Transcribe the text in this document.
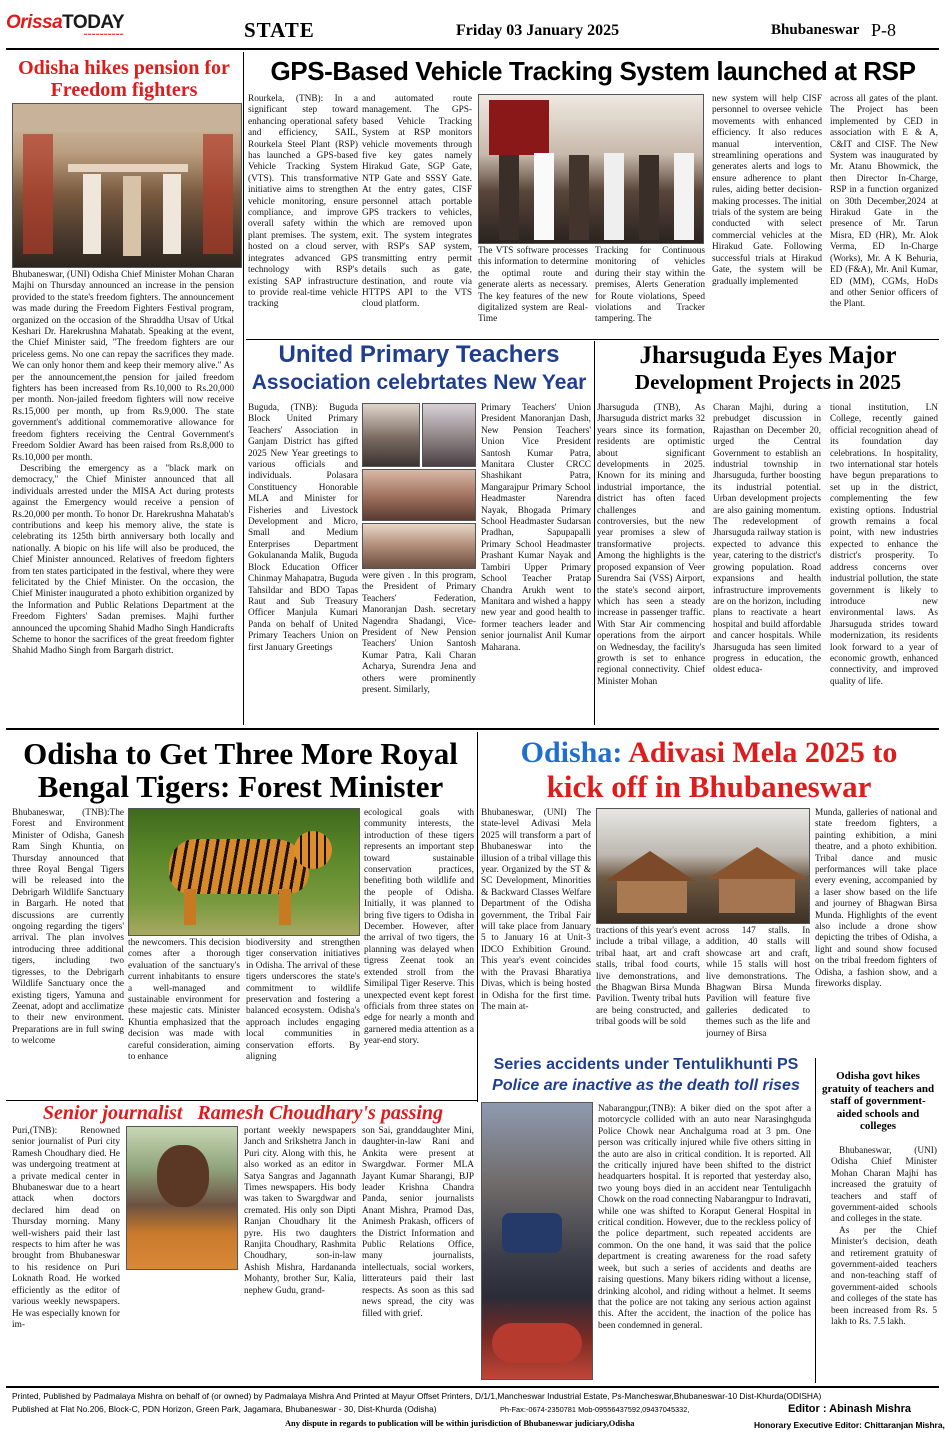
OrissaTODAY
━━━━━━━━━━	STATE	Friday 03 January 2025	Bhubaneswar P-8
Odisha hikes pension for Freedom fighters

Bhubaneswar, (UNI) Odisha Chief Minister Mohan Charan Majhi on Thursday announced an increase in the pension provided to the state's freedom fighters. The announcement was made during the Freedom Fighters Festival program, organized on the occasion of the Shraddha Utsav of Utkal Keshari Dr. Harekrushna Mahatab. Speaking at the event, the Chief Minister said, "The freedom fighters are our priceless gems. No one can repay the sacrifices they made. We can only honor them and keep their memory alive." As per the announcement,the pension for jailed freedom fighters has been increased from Rs.10,000 to Rs.20,000 per month. Non-jailed freedom fighters will now receive Rs.15,000 per month, up from Rs.9,000. The state government's additional commemorative allowance for freedom fighters receiving the Central Government's Freedom Soldier Award has been raised from Rs.8,000 to Rs.10,000 per month.

Describing the emergency as a "black mark on democracy," the Chief Minister announced that all individuals arrested under the MISA Act during protests against the Emergency would receive a pension of Rs.20,000 per month. To honor Dr. Harekrushna Mahatab's contributions and keep his memory alive, the state is celebrating its 125th birth anniversary both locally and nationally. A biopic on his life will also be produced, the Chief Minister announced. Relatives of freedom fighters from ten states participated in the festival, where they were felicitated by the Chief Minister. On the occasion, the Chief Minister inaugurated a photo exhibition organized by the Information and Public Relations Department at the Freedom Fighters' Sadan premises. Majhi further announced the upcoming Shahid Madho Singh Handicrafts Scheme to honor the sacrifices of the great freedom fighter Shahid Madho Singh from Bargarh district.

GPS-Based Vehicle Tracking System launched at RSP
Rourkela, (TNB): In a significant step toward enhancing operational safety and efficiency, SAIL, Rourkela Steel Plant (RSP) has launched a GPS-based Vehicle Tracking System (VTS). This transformative initiative aims to strengthen vehicle monitoring, ensure compliance, and improve overall safety within the plant premises. The system, hosted on a cloud server, integrates advanced GPS technology with RSP's existing SAP infrastructure to provide real-time vehicle tracking
and automated route management. The GPS-based Vehicle Tracking System at RSP monitors vehicle movements through five key gates namely Hirakud Gate, SGP Gate, NTP Gate and SSSY Gate. At the entry gates, CISF personnel attach portable GPS trackers to vehicles, which are removed upon exit. The system integrates with RSP's SAP system, transmitting entry permit details such as gate, destination, and route via HTTPS API to the VTS cloud platform.
The VTS software processes this information to determine the optimal route and generate alerts as necessary. The key features of the new digitalized system are Real-Time
Tracking for Continuous monitoring of vehicles during their stay within the premises, Alerts Generation for Route violations, Speed violations and Tracker tampering. The
new system will help CISF personnel to oversee vehicle movements with enhanced efficiency. It also reduces manual intervention, streamlining operations and generates alerts and logs to ensure adherence to plant rules, aiding better decision-making processes. The initial trials of the system are being conducted with select commercial vehicles at the Hirakud Gate. Following successful trials at Hirakud Gate, the system will be gradually implemented
across all gates of the plant. The Project has been implemented by CED in association with E & A, C&IT and CISF. The New System was inaugurated by Mr. Atanu Bhowmick, the then Director In-Charge, RSP in a function organized on 30th December,2024 at Hirakud Gate in the presence of Mr. Tarun Misra, ED (HR), Mr. Alok Verma, ED In-Charge (Works), Mr. A K Behuria, ED (F&A), Mr. Anil Kumar, ED (MM), CGMs, HoDs and other Senior officers of the Plant.
United Primary Teachers
Association celebrtates New Year
Buguda, (TNB): Buguda Block United Primary Teachers' Association in Ganjam District has gifted 2025 New Year greetings to various officials and individuals. Polasara Constituency Honorable MLA and Minister for Fisheries and Livestock Development and Micro, Small and Medium Enterprises Department Gokulananda Malik, Buguda Block Education Officer Chinmay Mahapatra, Buguda Tahsildar and BDO Tapas Raut and Sub Treasury Officer Manjula Kumari Panda on behalf of United Primary Teachers Union on first January Greetings
were given . In this program, the President of Primary Teachers' Federation, Manoranjan Dash. secretary Nagendra Shadangi, Vice-President of New Pension Teachers' Union Santosh Kumar Patra, Kali Charan Acharya, Surendra Jena and others were prominently present. Similarly,
Primary Teachers' Union President Manoranjan Dash, New Pension Teachers' Union Vice President Santosh Kumar Patra, Manitara Cluster CRCC Shashikant Patra, Mangarajpur Primary School Headmaster Narendra Nayak, Bhogada Primary School Headmaster Sudarsan Pradhan, Sapupapalli Primary School Headmaster Prashant Kumar Nayak and Tambiri Upper Primary School Teacher Pratap Chandra Arukh went to Manitara and wished a happy new year and good health to former teachers leader and senior journalist Anil Kumar Maharana.
Jharsuguda Eyes Major
Development Projects in 2025
Jharsuguda (TNB), As Jharsuguda district marks 32 years since its formation, residents are optimistic about significant developments in 2025. Known for its mining and industrial importance, the district has often faced challenges and controversies, but the new year promises a slew of transformative projects. Among the highlights is the proposed expansion of Veer Surendra Sai (VSS) Airport, the state's second airport, which has seen a steady increase in passenger traffic. With Star Air commencing operations from the airport on Wednesday, the facility's growth is set to enhance regional connectivity. Chief Minister Mohan
Charan Majhi, during a prebudget discussion in Rajasthan on December 20, urged the Central Government to establish an industrial township in Jharsuguda, further boosting its industrial potential. Urban development projects are also gaining momentum. The redevelopment of Jharsuguda railway station is expected to advance this year, catering to the district's growing population. Road expansions and health infrastructure improvements are on the horizon, including plans to reactivate a heart hospital and build affordable and cancer hospitals. While Jharsuguda has seen limited progress in education, the oldest educa-
tional institution, LN College, recently gained official recognition ahead of its foundation day celebrations. In hospitality, two international star hotels have begun preparations to set up in the district, complementing the few existing options. Industrial growth remains a focal point, with new industries expected to enhance the district's prosperity. To address concerns over industrial pollution, the state government is likely to introduce new environmental laws. As Jharsuguda strides toward modernization, its residents look forward to a year of economic growth, enhanced connectivity, and improved quality of life.
Odisha to Get Three More Royal
Bengal Tigers: Forest Minister
Bhubaneswar, (TNB):The Forest and Environment Minister of Odisha, Ganesh Ram Singh Khuntia, on Thursday announced that three Royal Bengal Tigers will be released into the Debrigarh Wildlife Sanctuary in Bargarh. He noted that discussions are currently ongoing regarding the tigers' arrival. The plan involves introducing three additional tigers, including two tigresses, to the Debrigarh Wildlife Sanctuary once the existing tigers, Yamuna and Zeenat, adopt and acclimatize to their new environment. Preparations are in full swing to welcome
the newcomers. This decision comes after a thorough evaluation of the sanctuary's current inhabitants to ensure a well-managed and sustainable environment for these majestic cats. Minister Khuntia emphasized that the decision was made with careful consideration, aiming to enhance
biodiversity and strengthen tiger conservation initiatives in Odisha. The arrival of these tigers underscores the state's commitment to wildlife preservation and fostering a balanced ecosystem. Odisha's approach includes engaging local communities in conservation efforts. By aligning
ecological goals with community interests, the introduction of these tigers represents an important step toward sustainable conservation practices, benefiting both wildlife and the people of Odisha. Initially, it was planned to bring five tigers to Odisha in December. However, after the arrival of two tigers, the planning was delayed when tigress Zeenat took an extended stroll from the Similipal Tiger Reserve. This unexpected event kept forest officials from three states on edge for nearly a month and garnered media attention as a year-end story.
Odisha: Adivasi Mela 2025 to
kick off in Bhubaneswar
Bhubaneswar, (UNI) The state-level Adivasi Mela 2025 will transform a part of Bhubaneswar into the illusion of a tribal village this year. Organized by the ST & SC Development, Minorities & Backward Classes Welfare Department of the Odisha government, the Tribal Fair will take place from January 5 to January 16 at Unit-3 IDCO Exhibition Ground. This year's event coincides with the Pravasi Bharatiya Divas, which is being hosted in Odisha for the first time. The main at-
tractions of this year's event include a tribal village, a tribal haat, art and craft stalls, tribal food courts, live demonstrations, and the Bhagwan Birsa Munda Pavilion. Twenty tribal huts are being constructed, and tribal goods will be sold
across 147 stalls. In addition, 40 stalls will showcase art and craft, while 15 stalls will host live demonstrations. The Bhagwan Birsa Munda Pavilion will feature five galleries dedicated to themes such as the life and journey of Birsa
Munda, galleries of national and state freedom fighters, a painting exhibition, a mini theatre, and a photo exhibition. Tribal dance and music performances will take place every evening, accompanied by a laser show based on the life and journey of Bhagwan Birsa Munda. Highlights of the event also include a drone show depicting the tribes of Odisha, a light and sound show focused on the tribal freedom fighters of Odisha, a fashion show, and a fireworks display.
Series accidents under Tentulikhunti PS
Police are inactive as the death toll rises
Nabarangpur,(TNB): A biker died on the spot after a motorcycle collided with an auto near Narasinghguda Police Chowk near Anchalguma road at 3 pm. One person was critically injured while five others sitting in the auto are also in critical condition. It is reported. All the critically injured have been shifted to the district headquarters hospital. It is reported that yesterday also, two young boys died in an accident near Tentuligachh Chowk on the road connecting Nabarangpur to Indravati, while one was shifted to Koraput General Hospital in critical condition. However, due to the reckless policy of the police department, such repeated accidents are common. On the one hand, it was said that the police department is creating awareness for the road safety week, but such a series of accidents and deaths are raising questions. Many bikers riding without a license, drinking alcohol, and riding without a helmet. It seems that the police are not taking any serious action against this. After the accident, the inaction of the police has been condemned in general.
Odisha govt hikes gratuity of teachers and staff of government-aided schools and colleges

Bhubaneswar, (UNI) Odisha Chief Minister Mohan Charan Majhi has increased the gratuity of teachers and staff of government-aided schools and colleges in the state.

As per the Chief Minister's decision, death and retirement gratuity of government-aided teachers and non-teaching staff of government-aided schools and colleges of the state has been increased from Rs. 5 lakh to Rs. 7.5 lakh.

Senior journalist   Ramesh Choudhary's passing
Puri,(TNB): Renowned senior journalist of Puri city Ramesh Choudhary died. He was undergoing treatment at a private medical center in Bhubaneswar due to a heart attack when doctors declared him dead on Thursday morning. Many well-wishers paid their last respects to him after he was brought from Bhubaneswar to his residence on Puri Loknath Road. He worked efficiently as the editor of various weekly newspapers. He was especially known for im-
portant weekly newspapers Janch and Srikshetra Janch in Puri city. Along with this, he also worked as an editor in Satya Sangras and Jagannath Times newspapers. His body was taken to Swargdwar and cremated. His only son Dipti Ranjan Choudhary lit the pyre. His two daughters Ranjita Choudhary, Rashmita Choudhary, son-in-law Ashish Mishra, Hardananda Mohanty, brother Sur, Kalia, nephew Gudu, grand-
son Sai, granddaughter Mini, daughter-in-law Rani and Ankita were present at Swargdwar. Former MLA Jayant Kumar Sharangi, BJP leader Krishna Chandra Panda, senior journalists Anant Mishra, Pramod Das, Animesh Prakash, officers of the District Information and Public Relations Office, many journalists, intellectuals, social workers, litterateurs paid their last respects. As soon as this sad news spread, the city was filled with grief.
Printed, Published by Padmalaya Mishra on behalf of (or owned) by Padmalaya Mishra And Printed at Mayur Offset Printers, D/1/1,Mancheswar Industrial Estate, Ps-Mancheswar,Bhubaneswar-10 Dist-Khurda(ODISHA)
Published at Flat No.206, Block-C, PDN Horizon, Green Park, Jagamara, Bhubaneswar - 30, Dist-Khurda (Odisha)	Ph-Fax:-0674-2350781 Mob-09556437592,09437045332,	Editor : Abinash Mishra
Any dispute in regards to publication will be within jurisdiction of Bhubaneswar judiciary,Odisha	Honorary Executive Editor: Chittaranjan Mishra,
